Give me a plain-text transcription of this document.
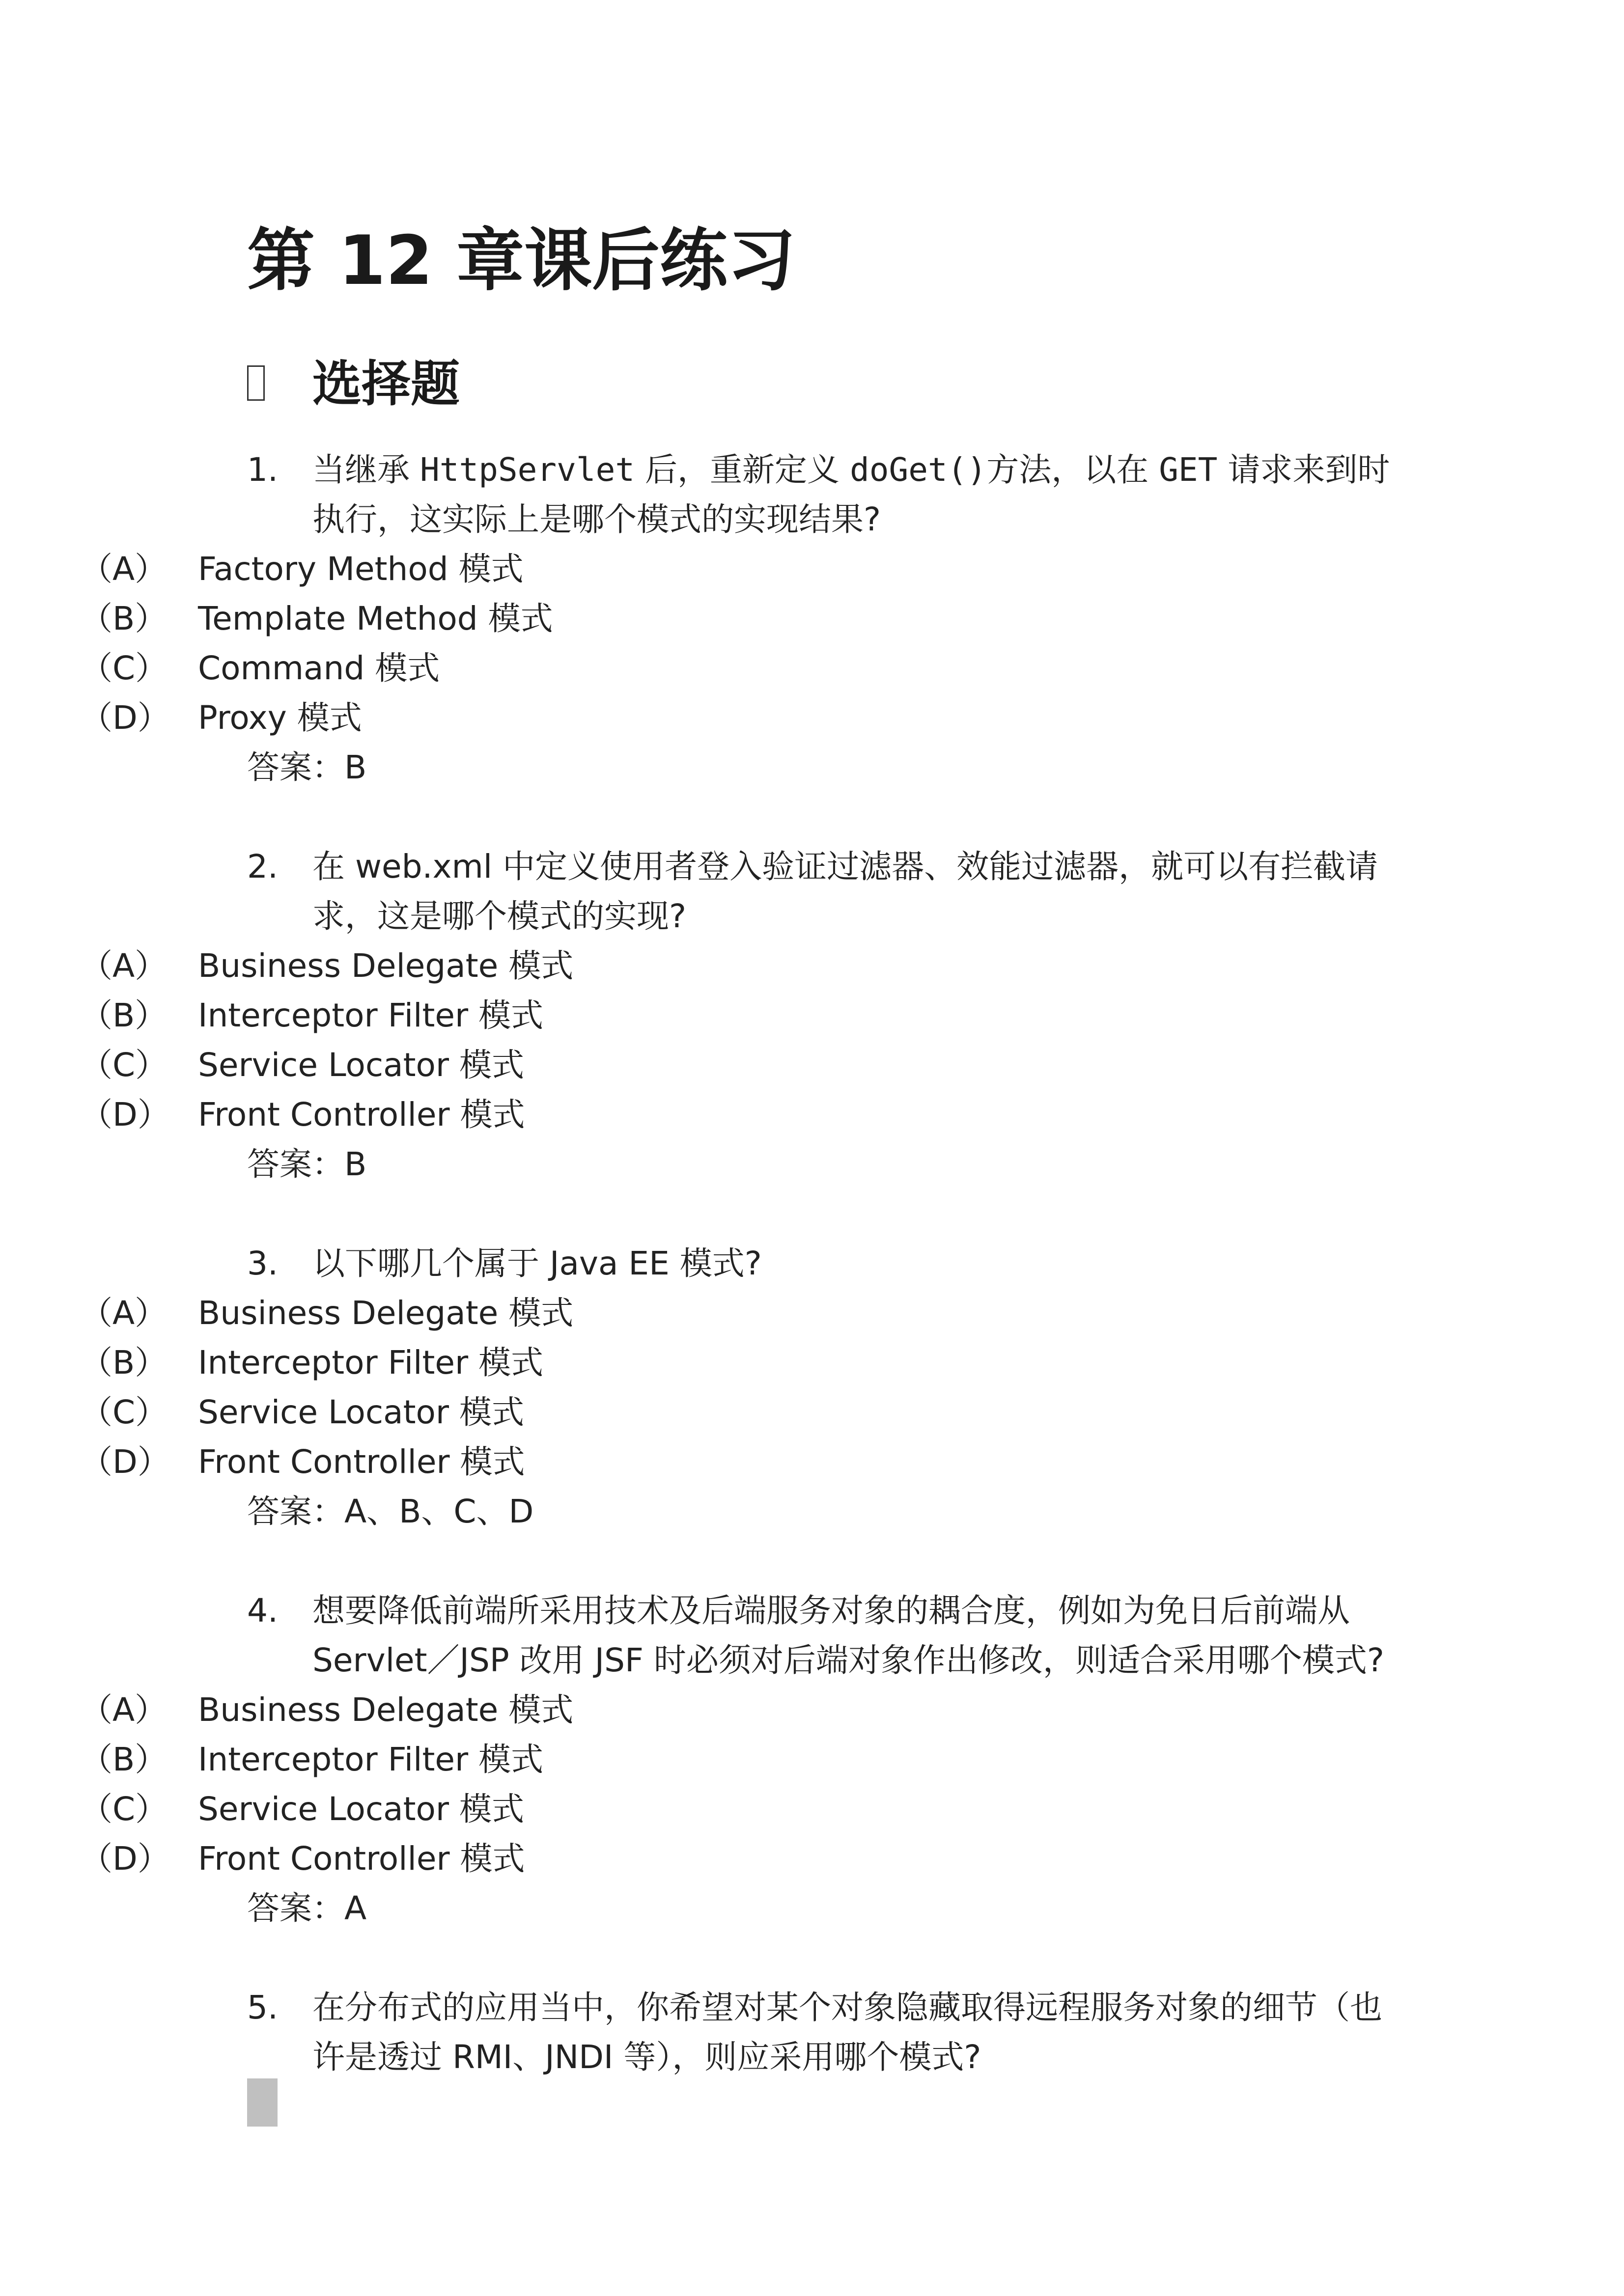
第 12 章课后练习
选择题
1. 当继承 HttpServlet 后，重新定义 doGet()方法，以在 GET 请求来到时
执行，这实际上是哪个模式的实现结果?
（A） Factory Method 模式
（B） Template Method 模式
（C） Command 模式
（D） Proxy 模式
答案：B
2. 在 web.xml 中定义使用者登入验证过滤器、效能过滤器，就可以有拦截请
求，这是哪个模式的实现?
（A） Business Delegate 模式
（B） Interceptor Filter 模式
（C） Service Locator 模式
（D） Front Controller 模式
答案：B
3. 以下哪几个属于 Java EE 模式?
（A） Business Delegate 模式
（B） Interceptor Filter 模式
（C） Service Locator 模式
（D） Front Controller 模式
答案：A、B、C、D
4. 想要降低前端所采用技术及后端服务对象的耦合度，例如为免日后前端从
Servlet／JSP 改用 JSF 时必须对后端对象作出修改，则适合采用哪个模式?
（A） Business Delegate 模式
（B） Interceptor Filter 模式
（C） Service Locator 模式
（D） Front Controller 模式
答案：A
5. 在分布式的应用当中，你希望对某个对象隐藏取得远程服务对象的细节（也
许是透过 RMI、JNDI 等），则应采用哪个模式?
